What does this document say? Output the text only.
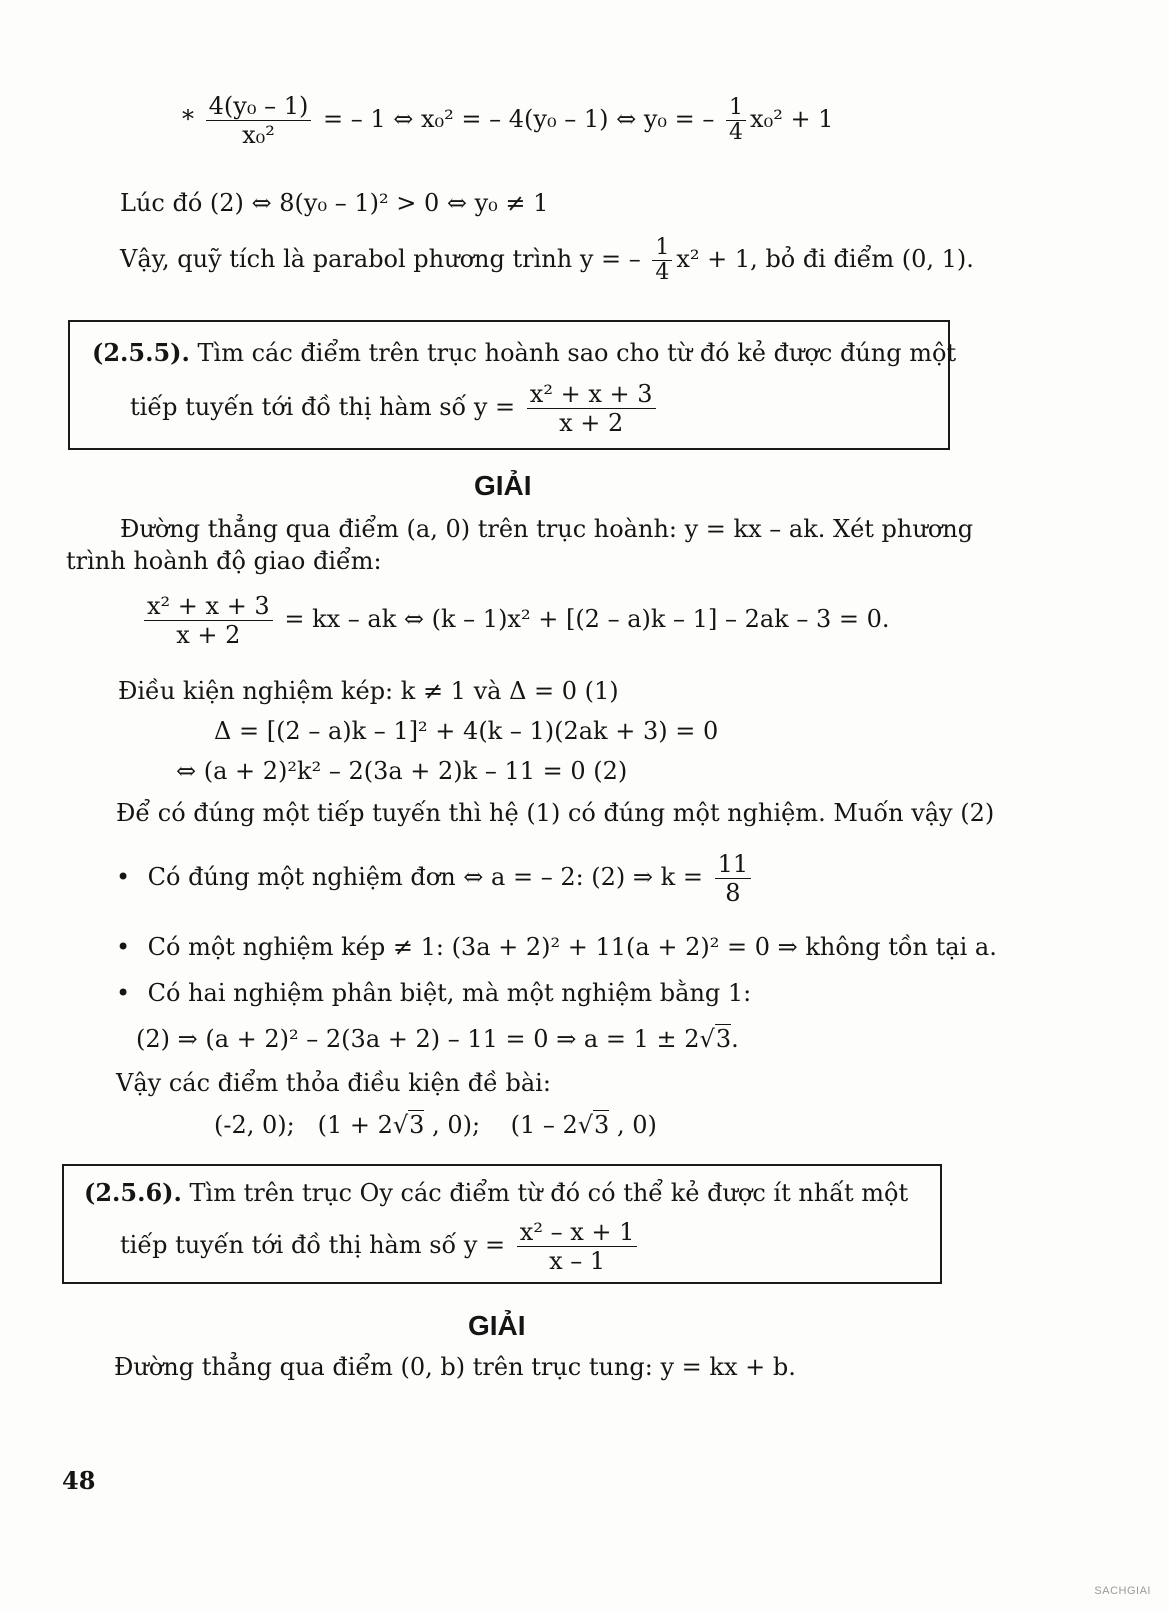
* $\frac{\text{4(y₀ – 1)}}{\text{x₀²}}$ = – 1 ⇔ x₀² = – 4(y₀ – 1) ⇔ y₀ = – $\frac{1}{4} x_0^2 + 1$
Lúc đó (2) ⇔ 8(y₀ – 1)² > 0 ⇔ y₀ ≠ 1
Vậy, quỹ tích là parabol phương trình y = – $\frac{1}{4} x^2 + 1$, bỏ đi điểm (0, 1).
(2.5.5). Tìm các điểm trên trục hoành sao cho từ đó kẻ được đúng một
tiếp tuyến tới đồ thị hàm số $y = \frac{\text{x² + x + 3}}{x + 2}$
GIẢI
Đường thẳng qua điểm (a, 0) trên trục hoành: y = kx – ak. Xét phương
trình hoành độ giao điểm:
$\frac{\text{x² + x + 3}}{x + 2}$ = kx – ak ⇔ (k – 1)x² + [(2 – a)k – 1] – 2ak – 3 = 0.
Điều kiện nghiệm kép: k ≠ 1 và Δ = 0 (1)
Δ = [(2 – a)k – 1]² + 4(k – 1)(2ak + 3) = 0
⇔ (a + 2)²k² – 2(3a + 2)k – 11 = 0 (2)
Để có đúng một tiếp tuyến thì hệ (1) có đúng một nghiệm. Muốn vậy (2)
• Có đúng một nghiệm đơn ⇔ a = – 2: (2) ⇒ $k = \frac{11}{8}$
• Có một nghiệm kép ≠ 1: (3a + 2)² + 11(a + 2)² = 0 ⇒ không tồn tại a.
• Có hai nghiệm phân biệt, mà một nghiệm bằng 1:
(2) ⇒ (a + 2)² – 2(3a + 2) – 11 = 0 ⇒ a = 1 ± 2√3.
Vậy các điểm thỏa điều kiện đề bài:
(-2, 0); (1 + 2√3 , 0); (1 – 2√3 , 0)
(2.5.6). Tìm trên trục Oy các điểm từ đó có thể kẻ được ít nhất một
tiếp tuyến tới đồ thị hàm số $y = \frac{\text{x² – x + 1}}{x - 1}$
GIẢI
Đường thẳng qua điểm (0, b) trên trục tung: y = kx + b.
48
SACHGIAI
